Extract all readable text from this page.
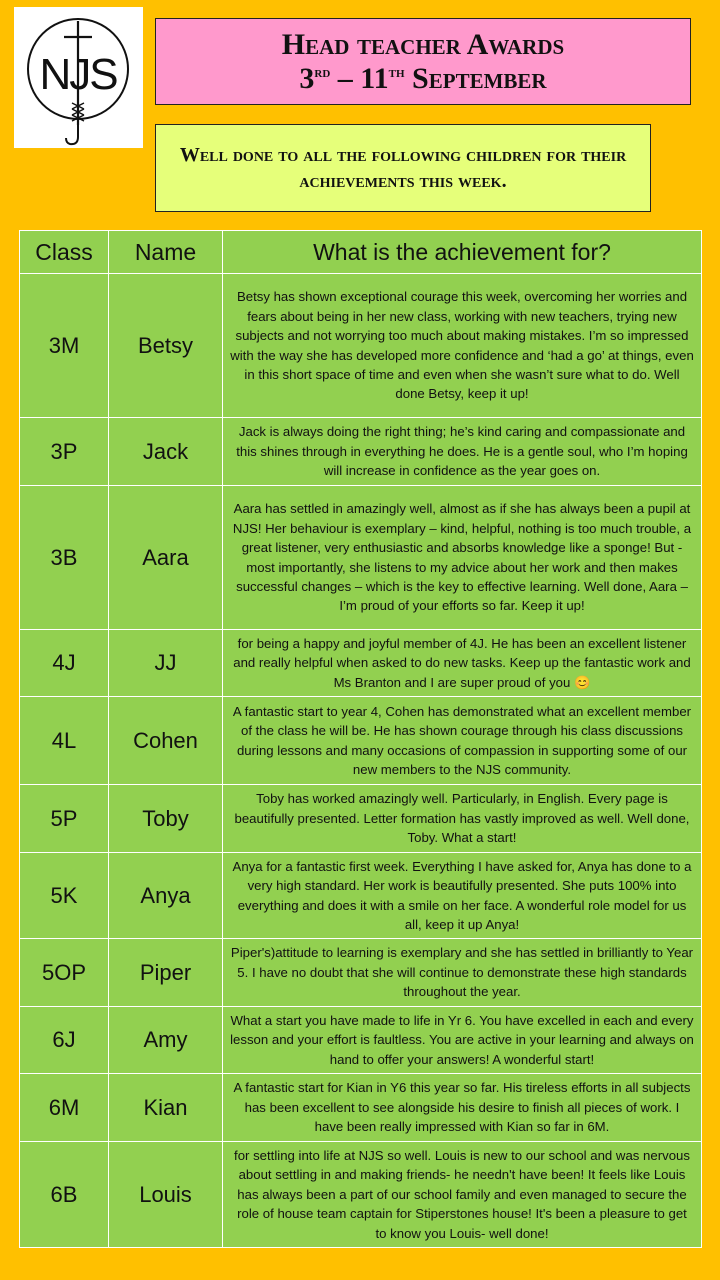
NJS
Head teacher Awards
3rd – 11th September
Well done to all the following children for their achievements this week.
Class	Name	What is the achievement for?
3M	Betsy	Betsy has shown exceptional courage this week, overcoming her worries and fears about being in her new class, working with new teachers, trying new subjects and not worrying too much about making mistakes. I’m so impressed with the way she has developed more confidence and ‘had a go’ at things, even in this short space of time and even when she wasn’t sure what to do. Well done Betsy, keep it up!
3P	Jack	Jack is always doing the right thing; he’s kind caring and compassionate and this shines through in everything he does. He is a gentle soul, who I’m hoping will increase in confidence as the year goes on.
3B	Aara	Aara has settled in amazingly well, almost as if she has always been a pupil at NJS! Her behaviour is exemplary – kind, helpful, nothing is too much trouble, a great listener, very enthusiastic and absorbs knowledge like a sponge! But - most importantly, she listens to my advice about her work and then makes successful changes – which is the key to effective learning. Well done, Aara – I’m proud of your efforts so far. Keep it up!
4J	JJ	for being a happy and joyful member of 4J. He has been an excellent listener and really helpful when asked to do new tasks. Keep up the fantastic work and Ms Branton and I are super proud of you 😊
4L	Cohen	A fantastic start to year 4, Cohen has demonstrated what an excellent member of the class he will be. He has shown courage through his class discussions during lessons and many occasions of compassion in supporting some of our new members to the NJS community.
5P	Toby	Toby has worked amazingly well. Particularly, in English. Every page is beautifully presented. Letter formation has vastly improved as well. Well done, Toby. What a start!
5K	Anya	Anya for a fantastic first week. Everything I have asked for, Anya has done to a very high standard. Her work is beautifully presented. She puts 100% into everything and does it with a smile on her face. A wonderful role model for us all, keep it up Anya!
5OP	Piper	Piper's)attitude to learning is exemplary and she has settled in brilliantly to Year 5. I have no doubt that she will continue to demonstrate these high standards throughout the year.
6J	Amy	What a start you have made to life in Yr 6. You have excelled in each and every lesson and your effort is faultless. You are active in your learning and always on hand to offer your answers! A wonderful start!
6M	Kian	A fantastic start for Kian in Y6 this year so far. His tireless efforts in all subjects has been excellent to see alongside his desire to finish all pieces of work. I have been really impressed with Kian so far in 6M.
6B	Louis	for settling into life at NJS so well. Louis is new to our school and was nervous about settling in and making friends- he needn't have been! It feels like Louis has always been a part of our school family and even managed to secure the role of house team captain for Stiperstones house! It's been a pleasure to get to know you Louis- well done!
